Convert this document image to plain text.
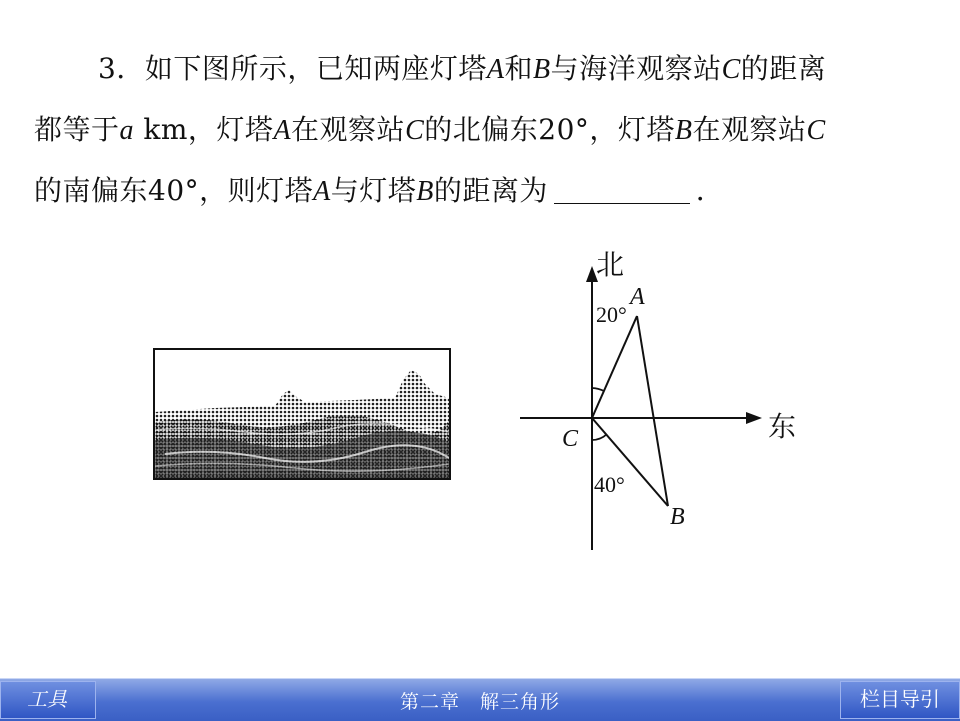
3．如下图所示，已知两座灯塔A和B与海洋观察站C的距离
都等于a km，灯塔A在观察站C的北偏东20°，灯塔B在观察站C
的南偏东40°，则灯塔A与灯塔B的距离为	．
北
东
A
B
C
20°
40°
第二章　解三角形
工具	栏目导引
